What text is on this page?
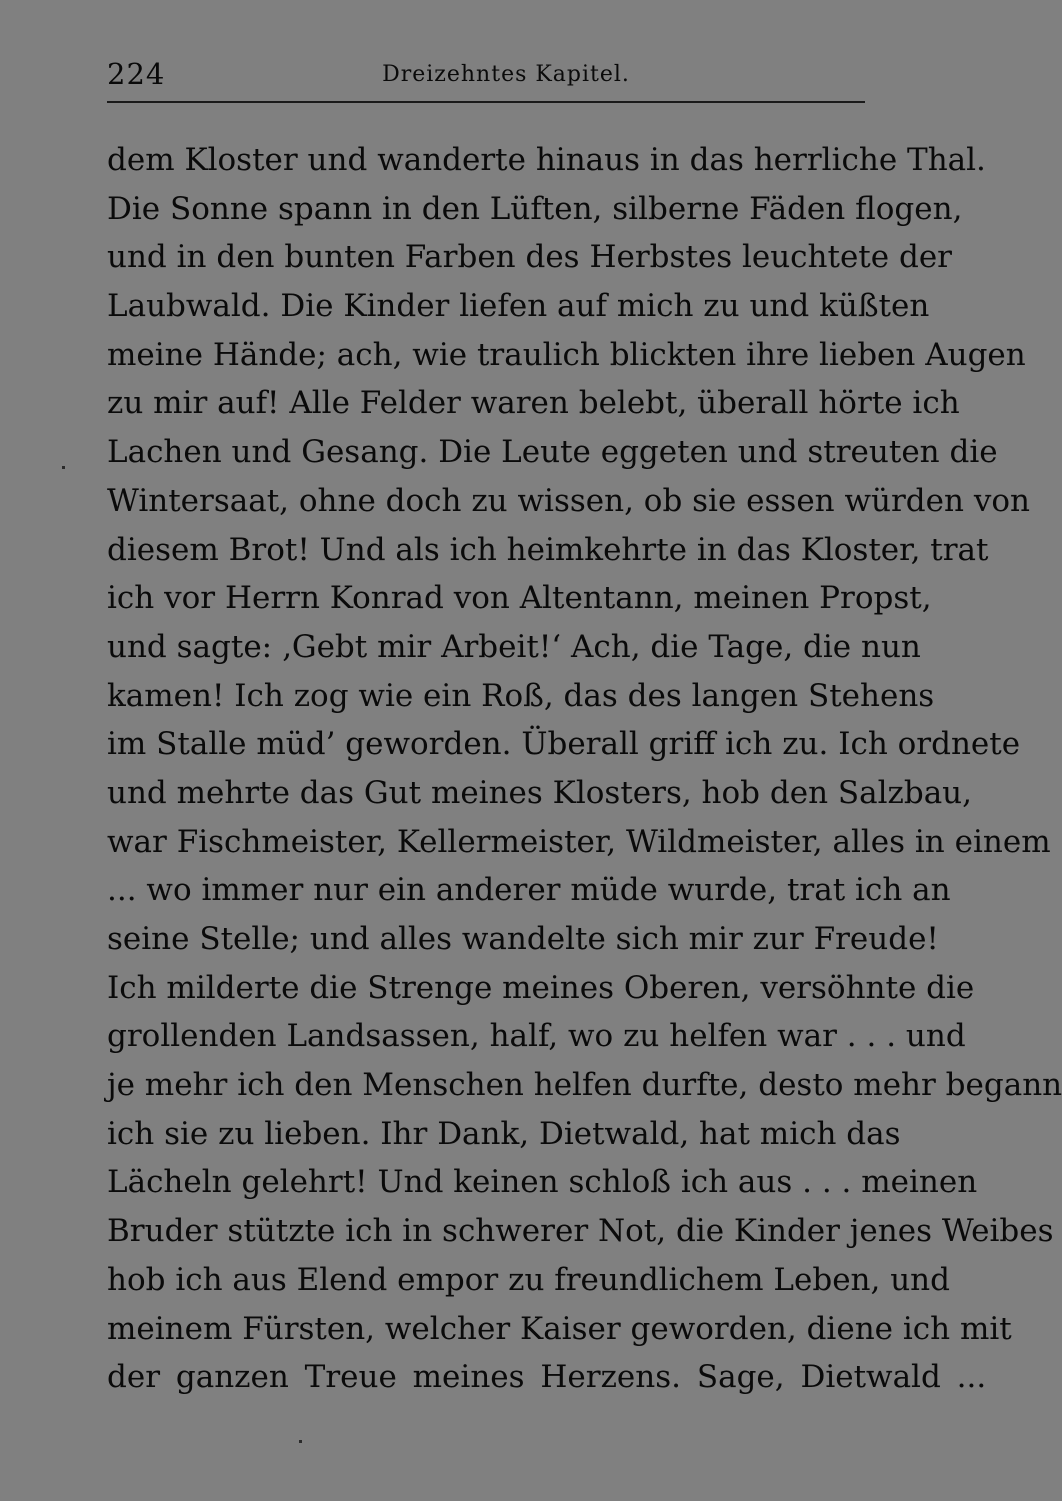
224	Dreizehntes Kapitel.
dem Kloster und wanderte hinaus in das herrliche Thal.
Die Sonne spann in den Lüften, silberne Fäden flogen,
und in den bunten Farben des Herbstes leuchtete der
Laubwald. Die Kinder liefen auf mich zu und küßten
meine Hände; ach, wie traulich blickten ihre lieben Augen
zu mir auf! Alle Felder waren belebt, überall hörte ich
Lachen und Gesang. Die Leute eggeten und streuten die
Wintersaat, ohne doch zu wissen, ob sie essen würden von
diesem Brot! Und als ich heimkehrte in das Kloster, trat
ich vor Herrn Konrad von Altentann, meinen Propst,
und sagte: ‚Gebt mir Arbeit!‘ Ach, die Tage, die nun
kamen! Ich zog wie ein Roß, das des langen Stehens
im Stalle müd’ geworden. Überall griff ich zu. Ich ordnete
und mehrte das Gut meines Klosters, hob den Salzbau,
war Fischmeister, Kellermeister, Wildmeister, alles in einem
... wo immer nur ein anderer müde wurde, trat ich an
seine Stelle; und alles wandelte sich mir zur Freude!
Ich milderte die Strenge meines Oberen, versöhnte die
grollenden Landsassen, half, wo zu helfen war . . . und
je mehr ich den Menschen helfen durfte, desto mehr begann
ich sie zu lieben. Ihr Dank, Dietwald, hat mich das
Lächeln gelehrt! Und keinen schloß ich aus . . . meinen
Bruder stützte ich in schwerer Not, die Kinder jenes Weibes
hob ich aus Elend empor zu freundlichem Leben, und
meinem Fürsten, welcher Kaiser geworden, diene ich mit
der ganzen Treue meines Herzens. Sage, Dietwald ...
